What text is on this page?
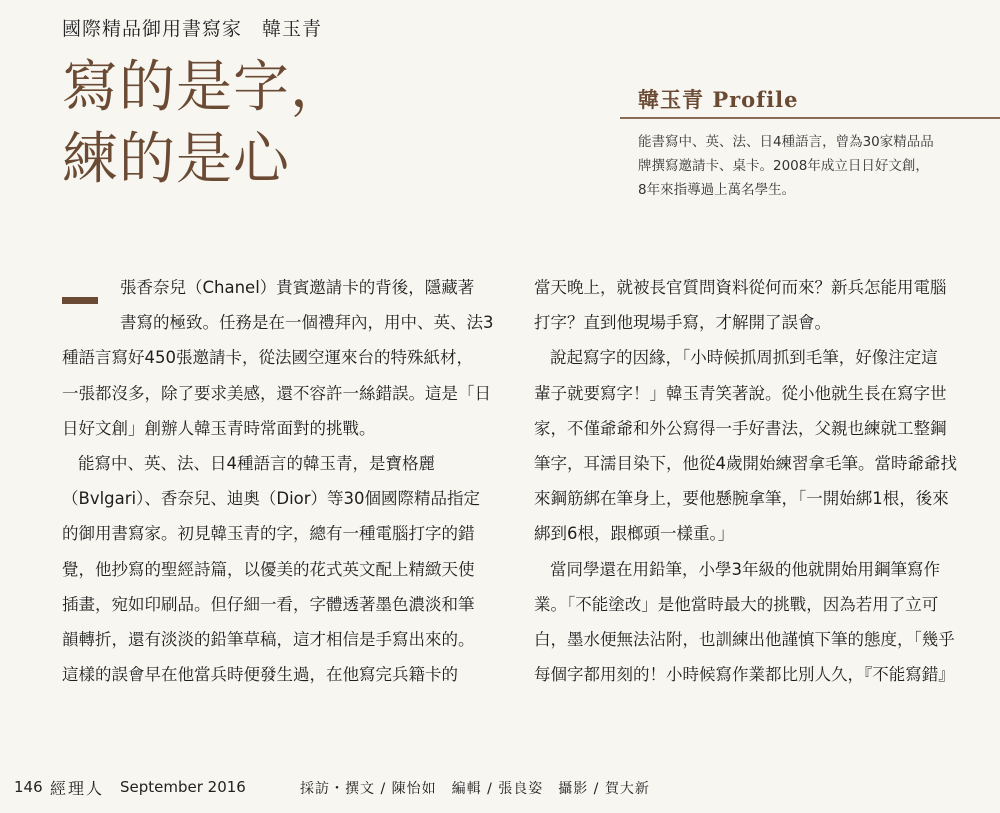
國際精品御用書寫家　韓玉青
寫的是字，
練的是心
韓玉青 Profile
能書寫中、英、法、日4種語言，曾為30家精品品
牌撰寫邀請卡、桌卡。2008年成立日日好文創，
8年來指導過上萬名學生。
張香奈兒（Chanel）貴賓邀請卡的背後，隱藏著
書寫的極致。任務是在一個禮拜內，用中、英、法3
種語言寫好450張邀請卡，從法國空運來台的特殊紙材，
一張都沒多，除了要求美感，還不容許一絲錯誤。這是「日
日好文創」創辦人韓玉青時常面對的挑戰。
能寫中、英、法、日4種語言的韓玉青，是寶格麗
（Bvlgari）、香奈兒、迪奧（Dior）等30個國際精品指定
的御用書寫家。初見韓玉青的字，總有一種電腦打字的錯
覺，他抄寫的聖經詩篇，以優美的花式英文配上精緻天使
插畫，宛如印刷品。但仔細一看，字體透著墨色濃淡和筆
韻轉折，還有淡淡的鉛筆草稿，這才相信是手寫出來的。
這樣的誤會早在他當兵時便發生過，在他寫完兵籍卡的
當天晚上，就被長官質問資料從何而來？新兵怎能用電腦
打字？直到他現場手寫，才解開了誤會。
說起寫字的因緣，「小時候抓周抓到毛筆，好像注定這
輩子就要寫字！」韓玉青笑著說。從小他就生長在寫字世
家，不僅爺爺和外公寫得一手好書法，父親也練就工整鋼
筆字，耳濡目染下，他從4歲開始練習拿毛筆。當時爺爺找
來鋼筋綁在筆身上，要他懸腕拿筆，「一開始綁1根，後來
綁到6根，跟榔頭一樣重。」
當同學還在用鉛筆，小學3年級的他就開始用鋼筆寫作
業。「不能塗改」是他當時最大的挑戰，因為若用了立可
白，墨水便無法沾附，也訓練出他謹慎下筆的態度，「幾乎
每個字都用刻的！小時候寫作業都比別人久，『不能寫錯』
146 經理人 September 2016	採訪・撰文 / 陳怡如　編輯 / 張良姿　攝影 / 賀大新
